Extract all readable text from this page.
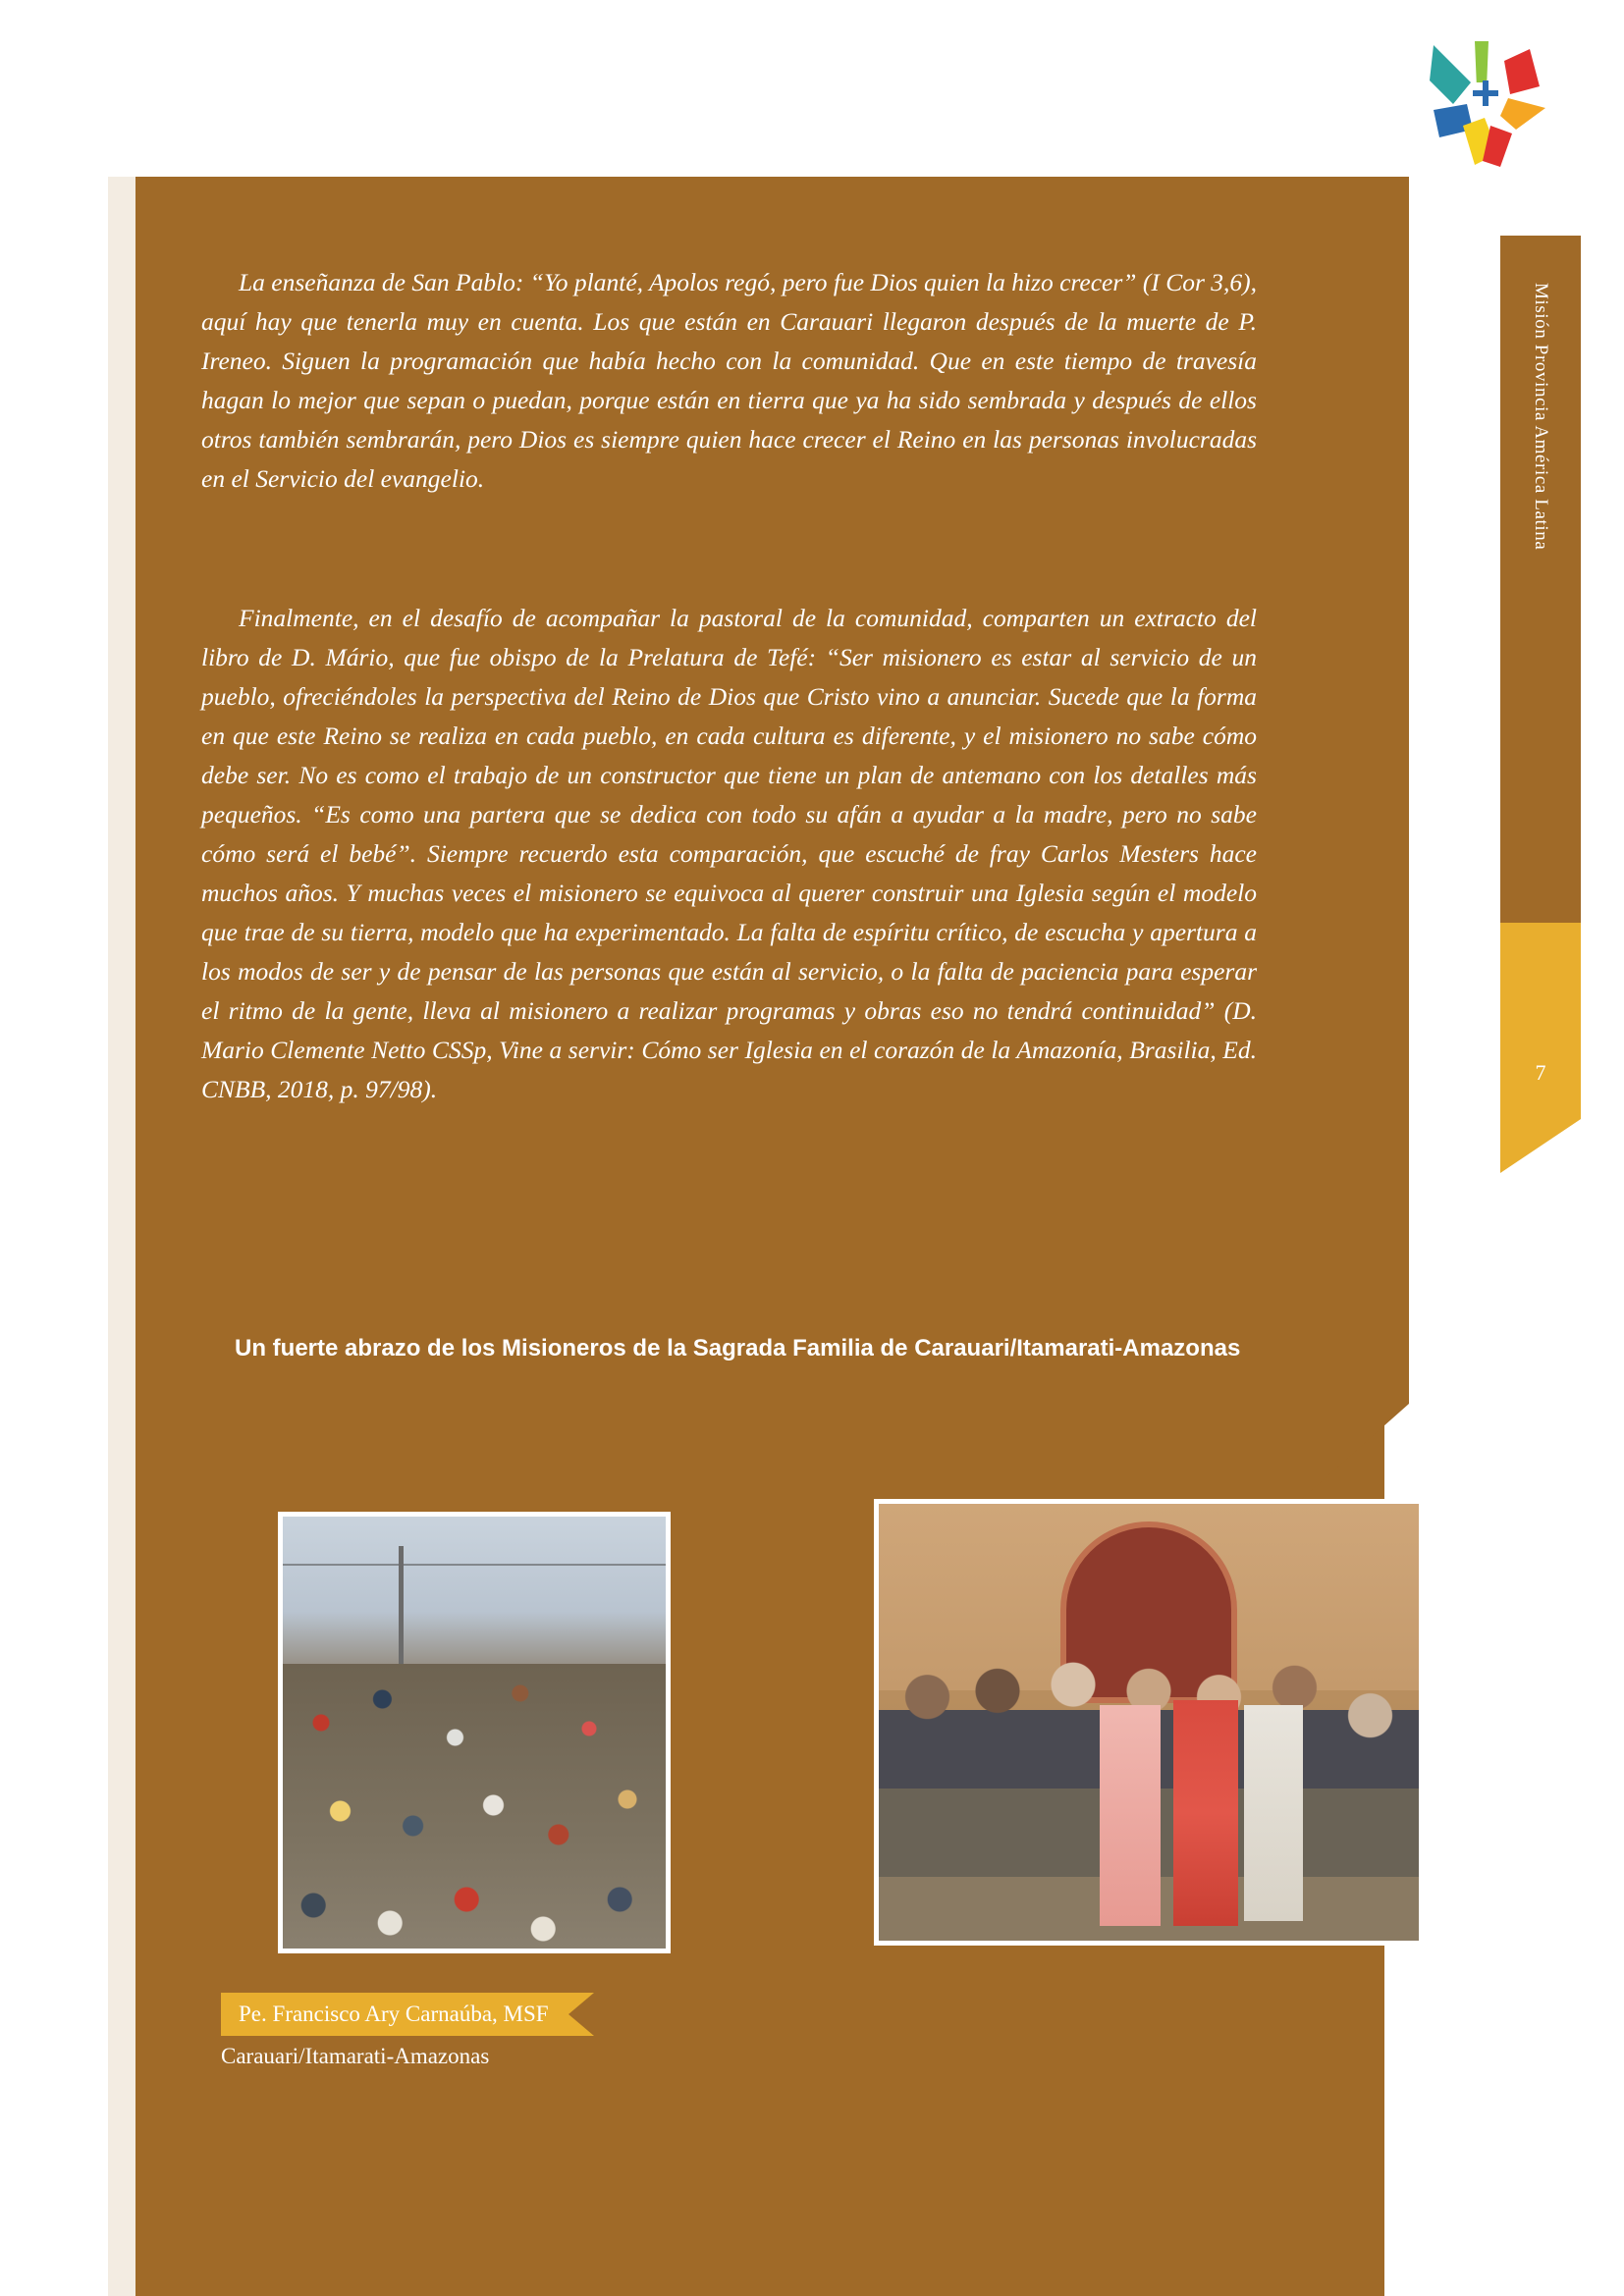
Misión Provincia América Latina
7
La enseñanza de San Pablo: “Yo planté, Apolos regó, pero fue Dios quien la hizo crecer” (I Cor 3,6), aquí hay que tenerla muy en cuenta. Los que están en Carauari llegaron después de la muerte de P. Ireneo. Siguen la programación que había hecho con la comunidad. Que en este tiempo de travesía hagan lo mejor que sepan o puedan, porque están en tierra que ya ha sido sembrada y después de ellos otros también sembrarán, pero Dios es siempre quien hace crecer el Reino en las personas involucradas en el Servicio del evangelio.
Finalmente, en el desafío de acompañar la pastoral de la comunidad, comparten un extracto del libro de D. Mário, que fue obispo de la Prelatura de Tefé: “Ser misionero es estar al servicio de un pueblo, ofreciéndoles la perspectiva del Reino de Dios que Cristo vino a anunciar. Sucede que la forma en que este Reino se realiza en cada pueblo, en cada cultura es diferente, y el misionero no sabe cómo debe ser. No es como el trabajo de un constructor que tiene un plan de antemano con los detalles más pequeños. “Es como una partera que se dedica con todo su afán a ayudar a la madre, pero no sabe cómo será el bebé”. Siempre recuerdo esta comparación, que escuché de fray Carlos Mesters hace muchos años. Y muchas veces el misionero se equivoca al querer construir una Iglesia según el modelo que trae de su tierra, modelo que ha experimentado. La falta de espíritu crítico, de escucha y apertura a los modos de ser y de pensar de las personas que están al servicio, o la falta de paciencia para esperar el ritmo de la gente, lleva al misionero a realizar programas y obras eso no tendrá continuidad” (D. Mario Clemente Netto CSSp, Vine a servir: Cómo ser Iglesia en el corazón de la Amazonía, Brasilia, Ed. CNBB, 2018, p. 97/98).
Un fuerte abrazo de los Misioneros de la Sagrada Familia de Carauari/Itamarati-Amazonas
Pe. Francisco Ary Carnaúba, MSF
Carauari/Itamarati-Amazonas
